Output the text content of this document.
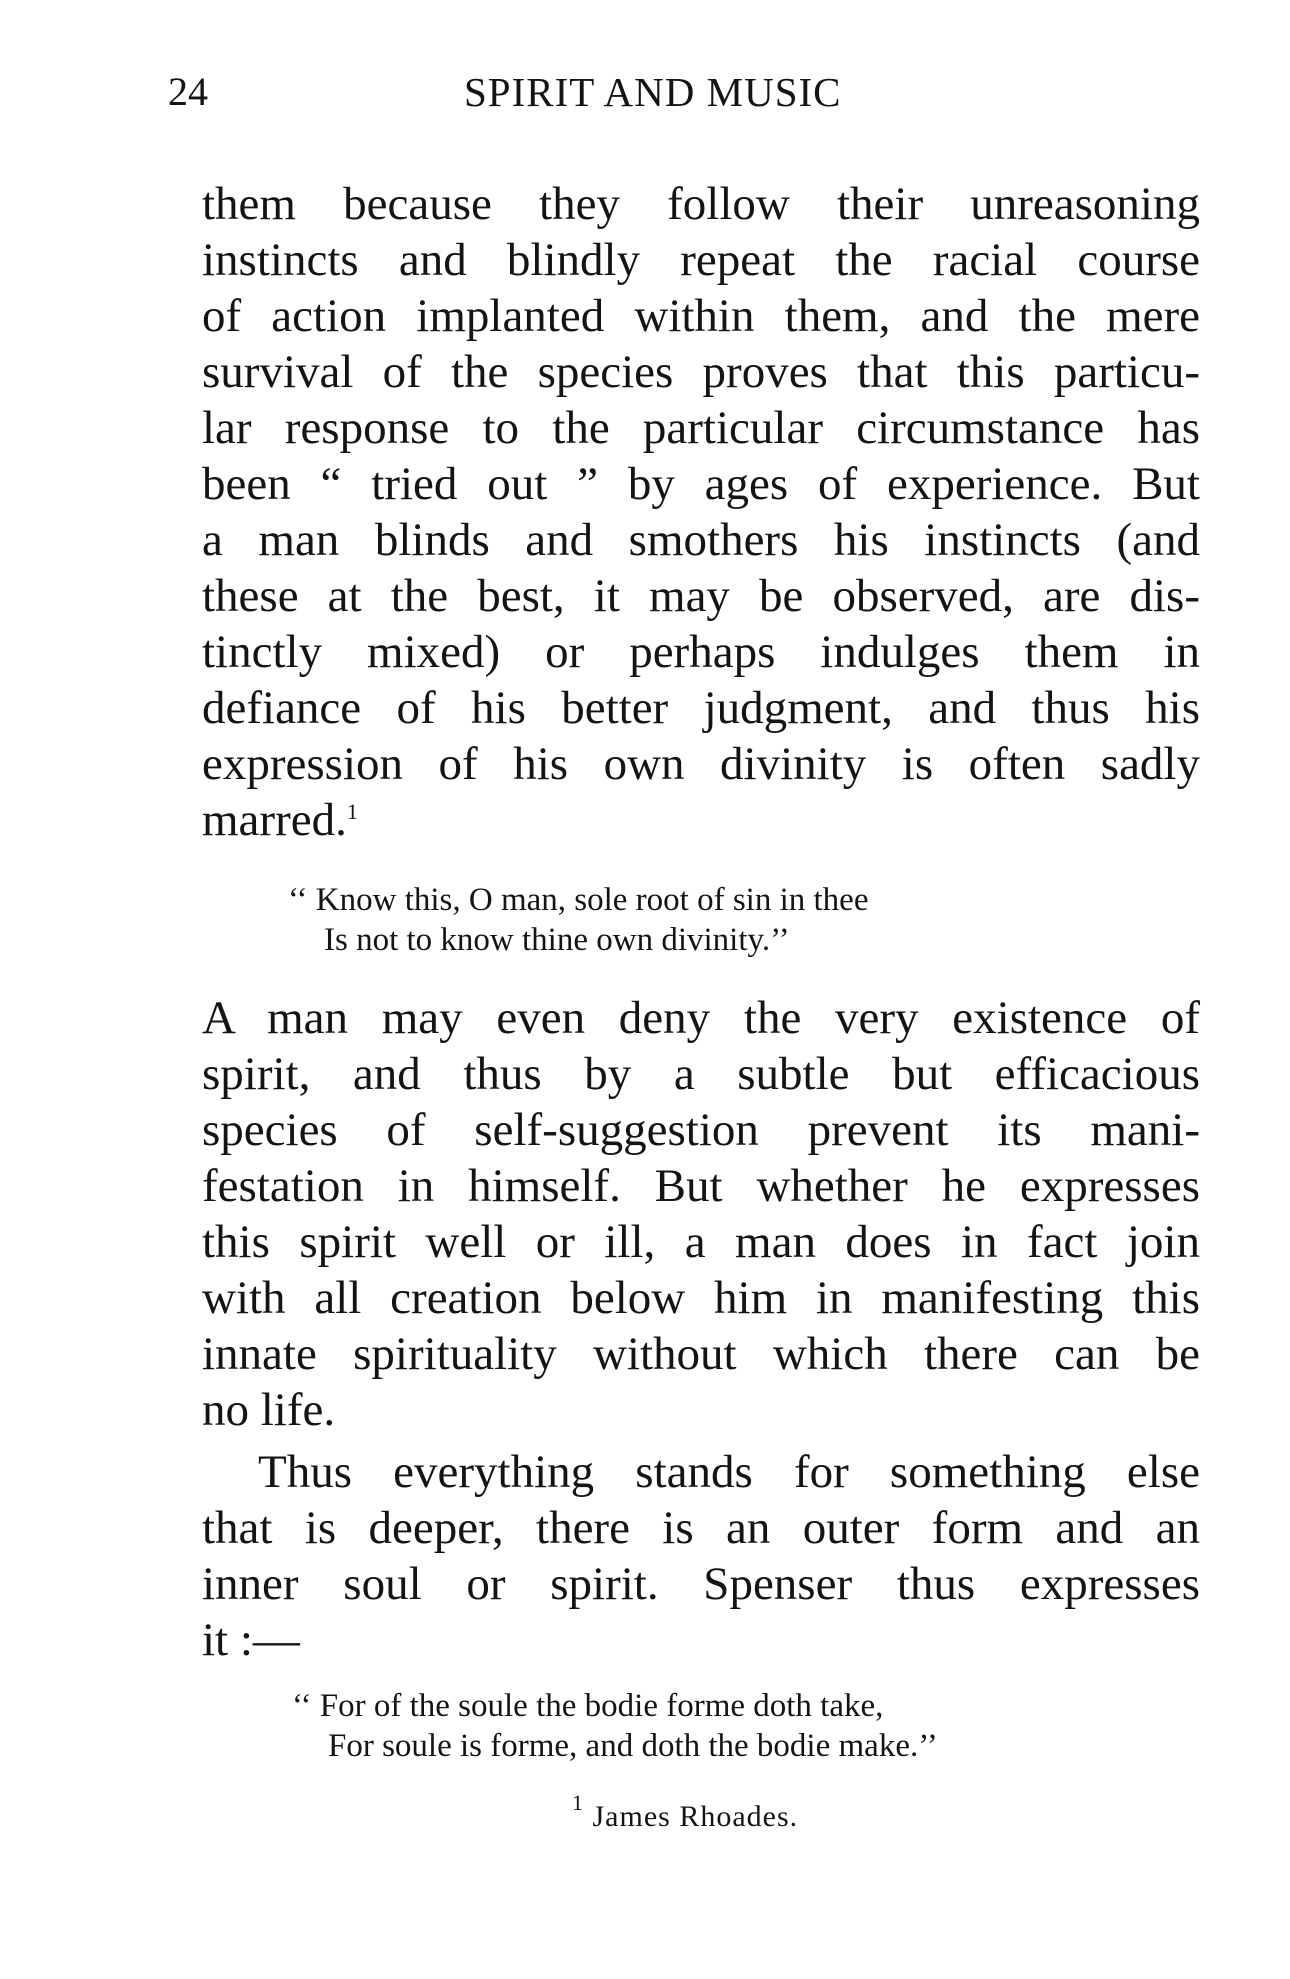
24	SPIRIT AND MUSIC
them because they follow their unreasoning
instincts and blindly repeat the racial course
of action implanted within them, and the mere
survival of the species proves that this particu-
lar response to the particular circumstance has
been “ tried out ” by ages of experience. But
a man blinds and smothers his instincts (and
these at the best, it may be observed, are dis-
tinctly mixed) or perhaps indulges them in
defiance of his better judgment, and thus his
expression of his own divinity is often sadly
marred.$^1$
‘‘ Know this, O man, sole root of sin in thee
Is not to know thine own divinity.’’
A man may even deny the very existence of
spirit, and thus by a subtle but efficacious
species of self-suggestion prevent its mani-
festation in himself. But whether he expresses
this spirit well or ill, a man does in fact join
with all creation below him in manifesting this
innate spirituality without which there can be
no life.
Thus everything stands for something else
that is deeper, there is an outer form and an
inner soul or spirit. Spenser thus expresses
it :—
‘‘ For of the soule the bodie forme doth take,
For soule is forme, and doth the bodie make.’’
$^1$ James Rhoades.
